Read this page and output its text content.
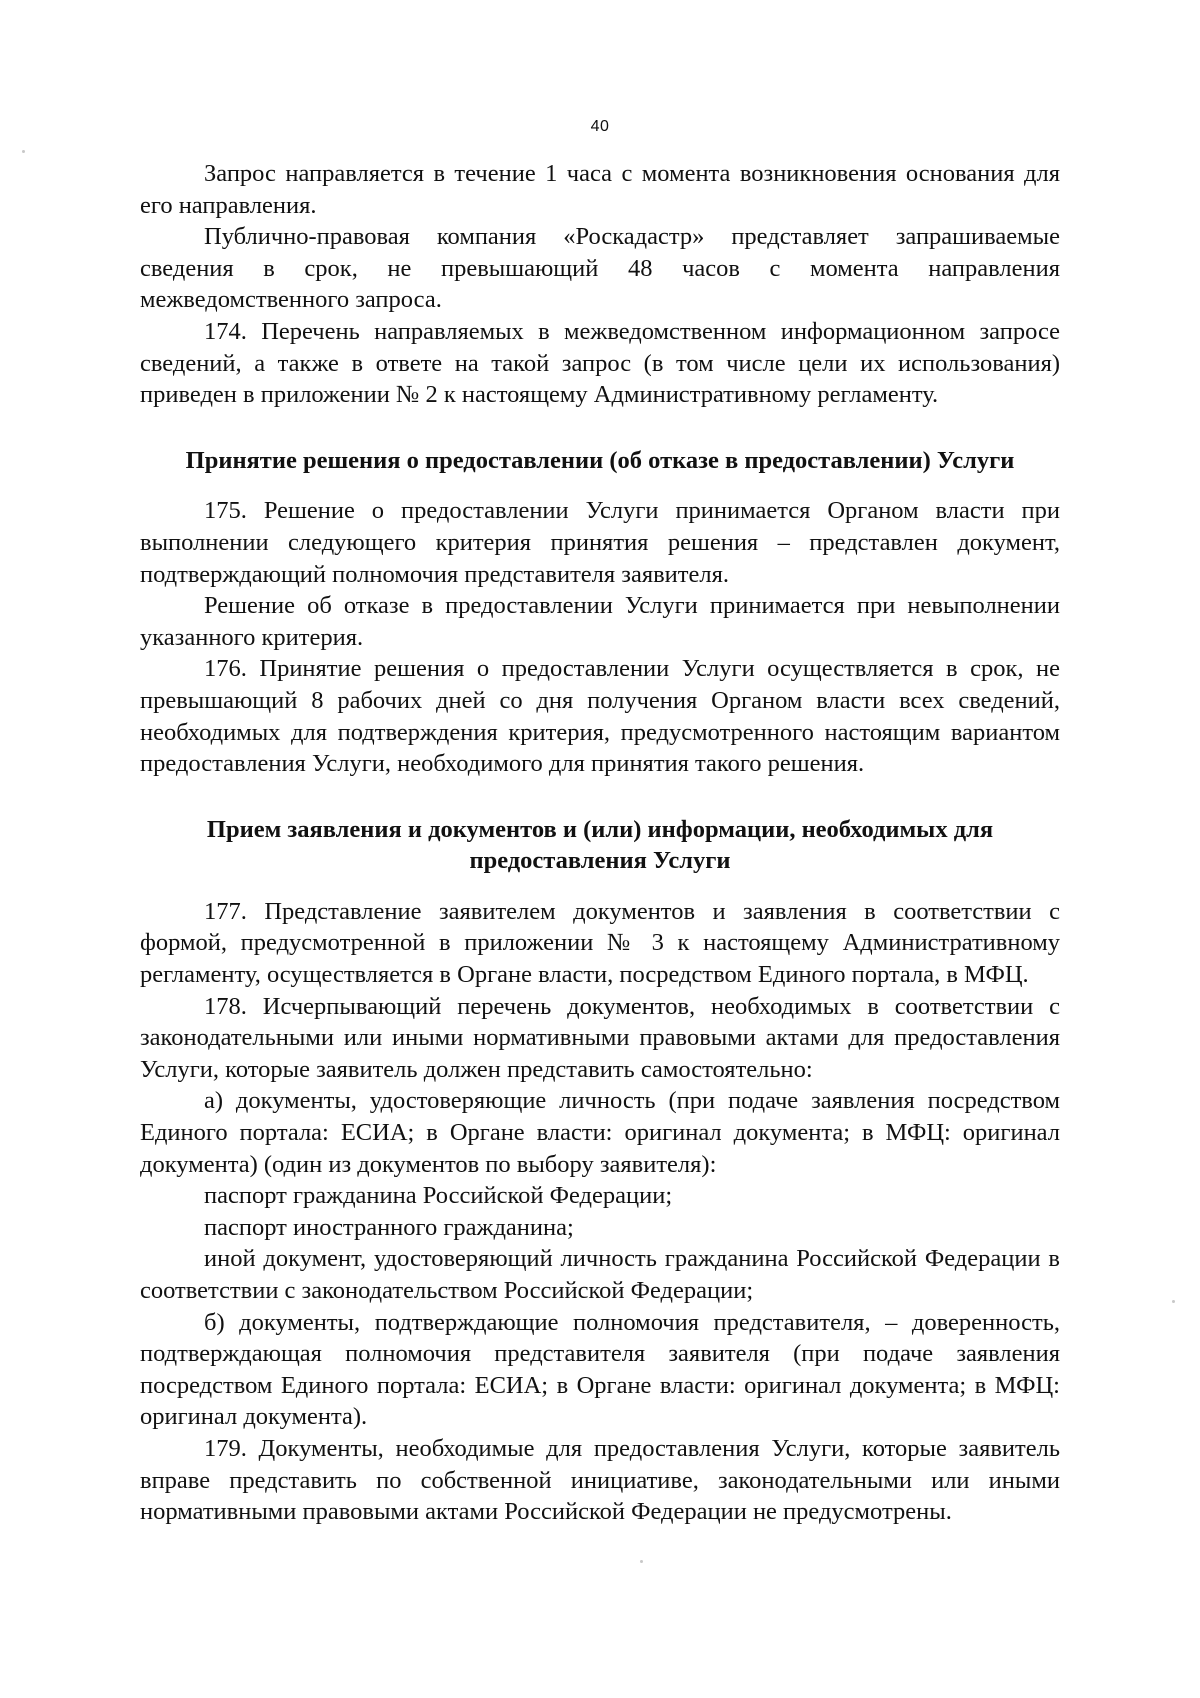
40

Запрос направляется в течение 1 часа с момента возникновения основания для его направления.

Публично-правовая компания «Роскадастр» представляет запрашиваемые сведения в срок, не превышающий 48 часов с момента направления межведомственного запроса.

174. Перечень направляемых в межведомственном информационном запросе сведений, а также в ответе на такой запрос (в том числе цели их использования) приведен в приложении № 2 к настоящему Административному регламенту.

Принятие решения о предоставлении (об отказе в предоставлении) Услуги

175. Решение о предоставлении Услуги принимается Органом власти при выполнении следующего критерия принятия решения – представлен документ, подтверждающий полномочия представителя заявителя.

Решение об отказе в предоставлении Услуги принимается при невыполнении указанного критерия.

176. Принятие решения о предоставлении Услуги осуществляется в срок, не превышающий 8 рабочих дней со дня получения Органом власти всех сведений, необходимых для подтверждения критерия, предусмотренного настоящим вариантом предоставления Услуги, необходимого для принятия такого решения.

Прием заявления и документов и (или) информации, необходимых для предоставления Услуги

177. Представление заявителем документов и заявления в соответствии с формой, предусмотренной в приложении № 3 к настоящему Административному регламенту, осуществляется в Органе власти, посредством Единого портала, в МФЦ.

178. Исчерпывающий перечень документов, необходимых в соответствии с законодательными или иными нормативными правовыми актами для предоставления Услуги, которые заявитель должен представить самостоятельно:

а) документы, удостоверяющие личность (при подаче заявления посредством Единого портала: ЕСИА; в Органе власти: оригинал документа; в МФЦ: оригинал документа) (один из документов по выбору заявителя):

паспорт гражданина Российской Федерации;

паспорт иностранного гражданина;

иной документ, удостоверяющий личность гражданина Российской Федерации в соответствии с законодательством Российской Федерации;

б) документы, подтверждающие полномочия представителя, – доверенность, подтверждающая полномочия представителя заявителя (при подаче заявления посредством Единого портала: ЕСИА; в Органе власти: оригинал документа; в МФЦ: оригинал документа).

179. Документы, необходимые для предоставления Услуги, которые заявитель вправе представить по собственной инициативе, законодательными или иными нормативными правовыми актами Российской Федерации не предусмотрены.
